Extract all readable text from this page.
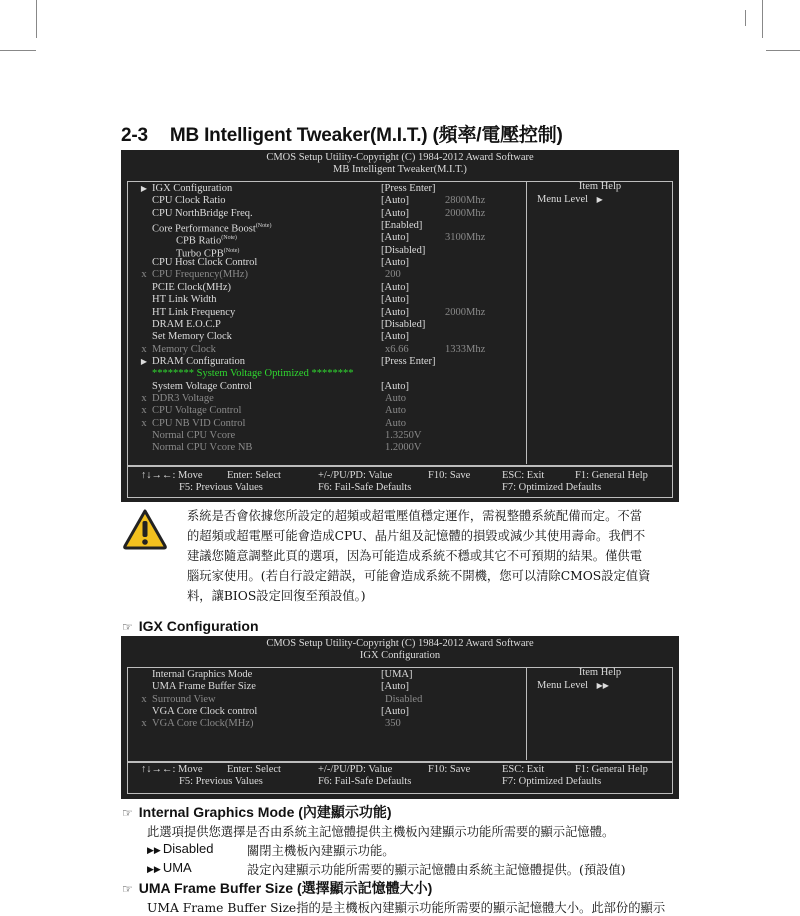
2-3 MB Intelligent Tweaker(M.I.T.) (頻率/電壓控制)
CMOS Setup Utility-Copyright (C) 1984-2012 Award Software
MB Intelligent Tweaker(M.I.T.)
▶ IGX Configuration	[Press Enter]
CPU Clock Ratio	[Auto]	2800Mhz
CPU NorthBridge Freq.	[Auto]	2000Mhz
Core Performance Boost$^{(Note)}$	[Enabled]
CPB Ratio$^{(Note)}$	[Auto]	3100Mhz
Turbo $CPB^{(Note)}$	[Disabled]
CPU Host Clock Control	[Auto]
x CPU Frequency(MHz)	200
PCIE Clock(MHz)	[Auto]
HT Link Width	[Auto]
HT Link Frequency	[Auto]	2000Mhz
DRAM E.O.C.P	[Disabled]
Set Memory Clock	[Auto]
x Memory Clock	x6.66	1333Mhz
▶ DRAM Configuration	[Press Enter]
******** System Voltage Optimized ********
System Voltage Control	[Auto]
x DDR3 Voltage	Auto
x CPU Voltage Control	Auto
x CPU NB VID Control	Auto
Normal CPU Vcore	1.3250V
Normal CPU Vcore NB	1.2000V
Item Help
Menu Level ▶
↑↓→←: Move Enter: Select	+/-/PU/PD: Value	F10: Save	ESC: Exit	F1: General Help
F5: Previous Values	F6: Fail-Safe Defaults	F7: Optimized Defaults
系統是否會依據您所設定的超頻或超電壓值穩定運作，需視整體系統配備而定。不當
的超頻或超電壓可能會造成CPU、晶片組及記憶體的損毀或減少其使用壽命。我們不
建議您隨意調整此頁的選項，因為可能造成系統不穩或其它不可預期的結果。僅供電
腦玩家使用。(若自行設定錯誤，可能會造成系統不開機，您可以清除CMOS設定值資
料，讓BIOS設定回復至預設值。)
☞ IGX Configuration
CMOS Setup Utility-Copyright (C) 1984-2012 Award Software
IGX Configuration
Internal Graphics Mode	[UMA]
UMA Frame Buffer Size	[Auto]
x Surround View	Disabled
VGA Core Clock control	[Auto]
x VGA Core Clock(MHz)	350
Item Help
Menu Level ▶▶
↑↓→←: Move Enter: Select	+/-/PU/PD: Value	F10: Save	ESC: Exit	F1: General Help
F5: Previous Values	F6: Fail-Safe Defaults	F7: Optimized Defaults
☞ Internal Graphics Mode (內建顯示功能)
此選項提供您選擇是否由系統主記憶體提供主機板內建顯示功能所需要的顯示記憶體。
▶▶ Disabled	關閉主機板內建顯示功能。
▶▶ UMA	設定內建顯示功能所需要的顯示記憶體由系統主記憶體提供。(預設值)
☞ UMA Frame Buffer Size (選擇顯示記憶體大小)
UMA Frame Buffer Size指的是主機板內建顯示功能所需要的顯示記憶體大小。此部份的顯示
